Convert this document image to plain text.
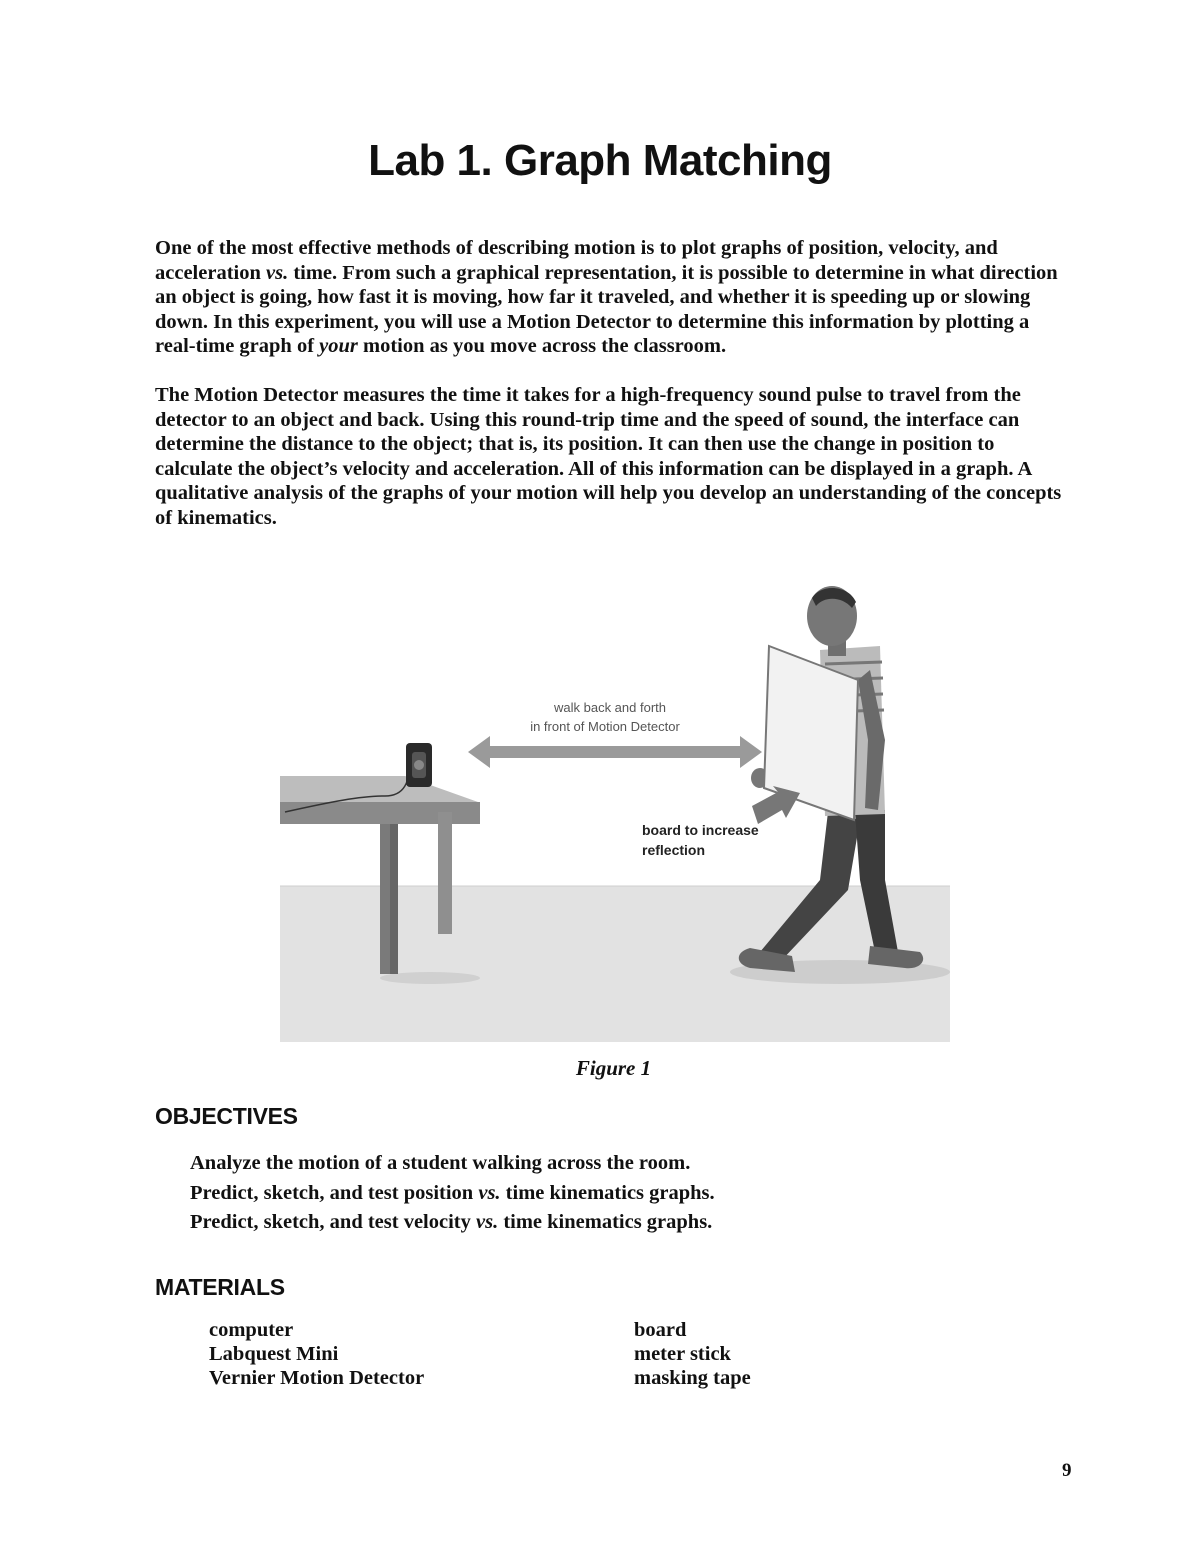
Lab 1. Graph Matching

One of the most effective methods of describing motion is to plot graphs of position, velocity, and acceleration vs. time. From such a graphical representation, it is possible to determine in what direction an object is going, how fast it is moving, how far it traveled, and whether it is speeding up or slowing down. In this experiment, you will use a Motion Detector to determine this information by plotting a real-time graph of your motion as you move across the classroom.

The Motion Detector measures the time it takes for a high-frequency sound pulse to travel from the detector to an object and back. Using this round-trip time and the speed of sound, the interface can determine the distance to the object; that is, its position. It can then use the change in position to calculate the object’s velocity and acceleration. All of this information can be displayed in a graph. A qualitative analysis of the graphs of your motion will help you develop an understanding of the concepts of kinematics.

walk back and forth
in front of Motion Detector
board to increase
reflection
Figure 1
OBJECTIVES
Analyze the motion of a student walking across the room.
Predict, sketch, and test position vs. time kinematics graphs.
Predict, sketch, and test velocity vs. time kinematics graphs.
MATERIALS
computer
Labquest Mini
Vernier Motion Detector
board
meter stick
masking tape
9
